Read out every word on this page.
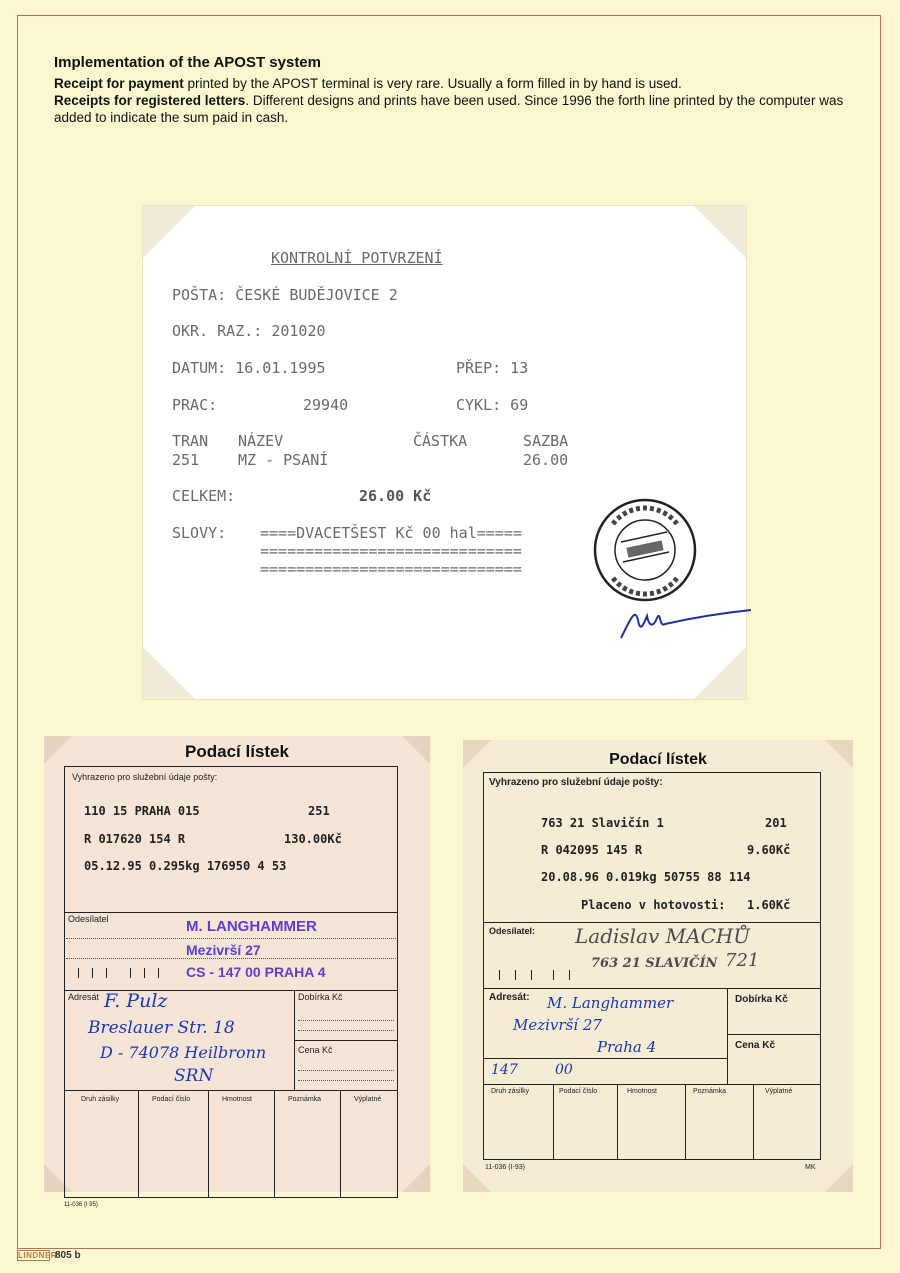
Implementation of the APOST system
Receipt for payment printed by the APOST terminal is very rare. Usually a form filled in by hand is used.
Receipts for registered letters. Different designs and prints have been used. Since 1996 the forth line printed by the computer was added to indicate the sum paid in cash.
KONTROLNÍ POTVRZENÍ
POŠTA: ČESKÉ BUDĚJOVICE 2
OKR. RAZ.: 201020
DATUM: 16.01.1995	PŘEP: 13
PRAC:	29940	CYKL: 69
TRAN NÁZEV	ČÁSTKA	SAZBA
251	MZ - PSANÍ	26.00
CELKEM:	26.00 Kč
SLOVY: ====DVACETŠEST Kč 00 hal=====
=============================
=============================
Podací lístek
Vyhrazeno pro služební údaje pošty:
110 15 PRAHA 015	251
R 017620 154 R	130.00Kč
05.12.95 0.295kg 176950 4 53
Odesílatel	M. LANGHAMMER
Mezivrší 27
CS - 147 00 PRAHA 4
Adresát F. Pulz
Breslauer Str. 18
D - 74078 Heilbronn
SRN
Dobírka Kč
Cena Kč
Druh zásilky	Podací číslo	Hmotnost	Poznámka	Výplatné
11-036 (I 95)
Podací lístek
Vyhrazeno pro služební údaje pošty:
763 21 Slavičín 1	201
R 042095 145 R	9.60Kč
20.08.96 0.019kg 50755 88 114
Placeno v hotovosti: 1.60Kč
Odesílatel: Ladislav MACHŮ
763 21 SLAVIČÍN 721
Adresát: M. Langhammer
Mezivrší 27
Praha 4
147	00
Dobírka Kč
Cena Kč
Druh zásilky	Podací číslo	Hmotnost	Poznámka	Výplatné
11-036 (I-93)	MK
LINDNER
805 b
